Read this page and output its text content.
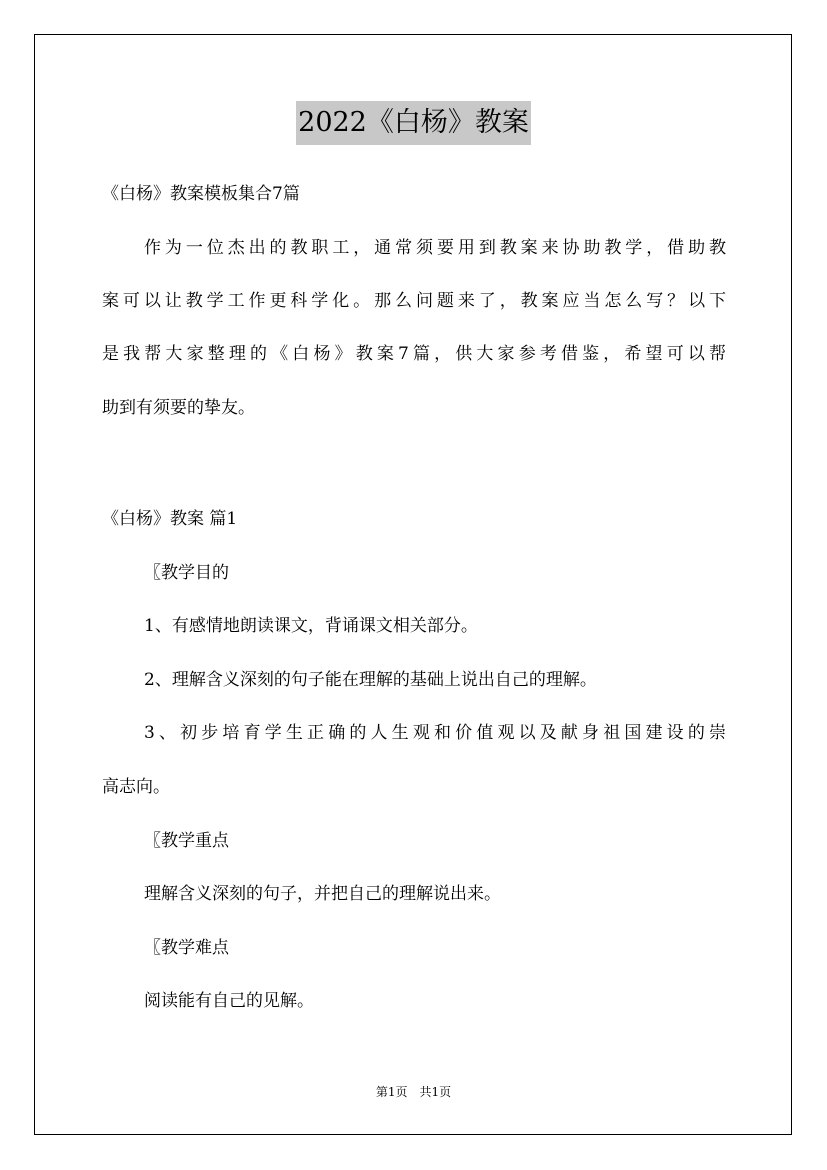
2022《白杨》教案
《白杨》教案模板集合7篇
作为一位杰出的教职工，通常须要用到教案来协助教学，借助教
案可以让教学工作更科学化。那么问题来了，教案应当怎么写？以下
是我帮大家整理的《白杨》教案7篇，供大家参考借鉴，希望可以帮
助到有须要的挚友。
《白杨》教案 篇1
〖教学目的
1、有感情地朗读课文，背诵课文相关部分。
2、理解含义深刻的句子能在理解的基础上说出自己的理解。
3、初步培育学生正确的人生观和价值观以及献身祖国建设的崇
高志向。
〖教学重点
理解含义深刻的句子，并把自己的理解说出来。
〖教学难点
阅读能有自己的见解。
第1页　共1页
